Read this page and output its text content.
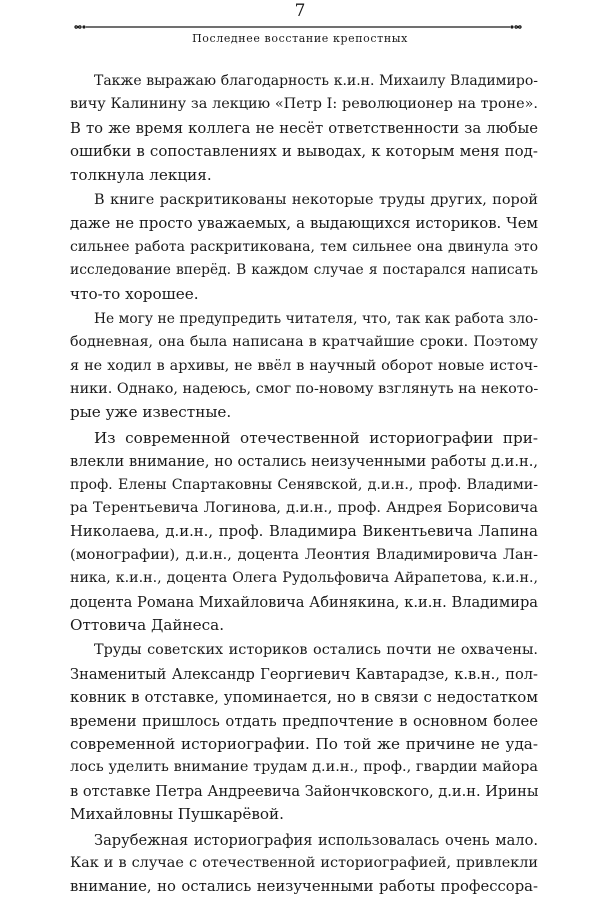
7
Последнее восстание крепостных
Также выражаю благодарность к.и.н. Михаилу Владимиро-
вичу Калинину за лекцию «Петр I: революционер на троне».
В то же время коллега не несёт ответственности за любые
ошибки в сопоставлениях и выводах, к которым меня под-
толкнула лекция.
В книге раскритикованы некоторые труды других, порой
даже не просто уважаемых, а выдающихся историков. Чем
сильнее работа раскритикована, тем сильнее она двинула это
исследование вперёд. В каждом случае я постарался написать
что-то хорошее.
Не могу не предупредить читателя, что, так как работа зло-
бодневная, она была написана в кратчайшие сроки. Поэтому
я не ходил в архивы, не ввёл в научный оборот новые источ-
ники. Однако, надеюсь, смог по-новому взглянуть на некото-
рые уже известные.
Из современной отечественной историографии при-
влекли внимание, но остались неизученными работы д.и.н.,
проф. Елены Спартаковны Сенявской, д.и.н., проф. Владими-
ра Терентьевича Логинова, д.и.н., проф. Андрея Борисовича
Николаева, д.и.н., проф. Владимира Викентьевича Лапина
(монографии), д.и.н., доцента Леонтия Владимировича Лан-
ника, к.и.н., доцента Олега Рудольфовича Айрапетова, к.и.н.,
доцента Романа Михайловича Абинякина, к.и.н. Владимира
Оттовича Дайнеса.
Труды советских историков остались почти не охвачены.
Знаменитый Александр Георгиевич Кавтарадзе, к.в.н., пол-
ковник в отставке, упоминается, но в связи с недостатком
времени пришлось отдать предпочтение в основном более
современной историографии. По той же причине не уда-
лось уделить внимание трудам д.и.н., проф., гвардии майора
в отставке Петра Андреевича Зайончковского, д.и.н. Ирины
Михайловны Пушкарёвой.
Зарубежная историография использовалась очень мало.
Как и в случае с отечественной историографией, привлекли
внимание, но остались неизученными работы профессора-
